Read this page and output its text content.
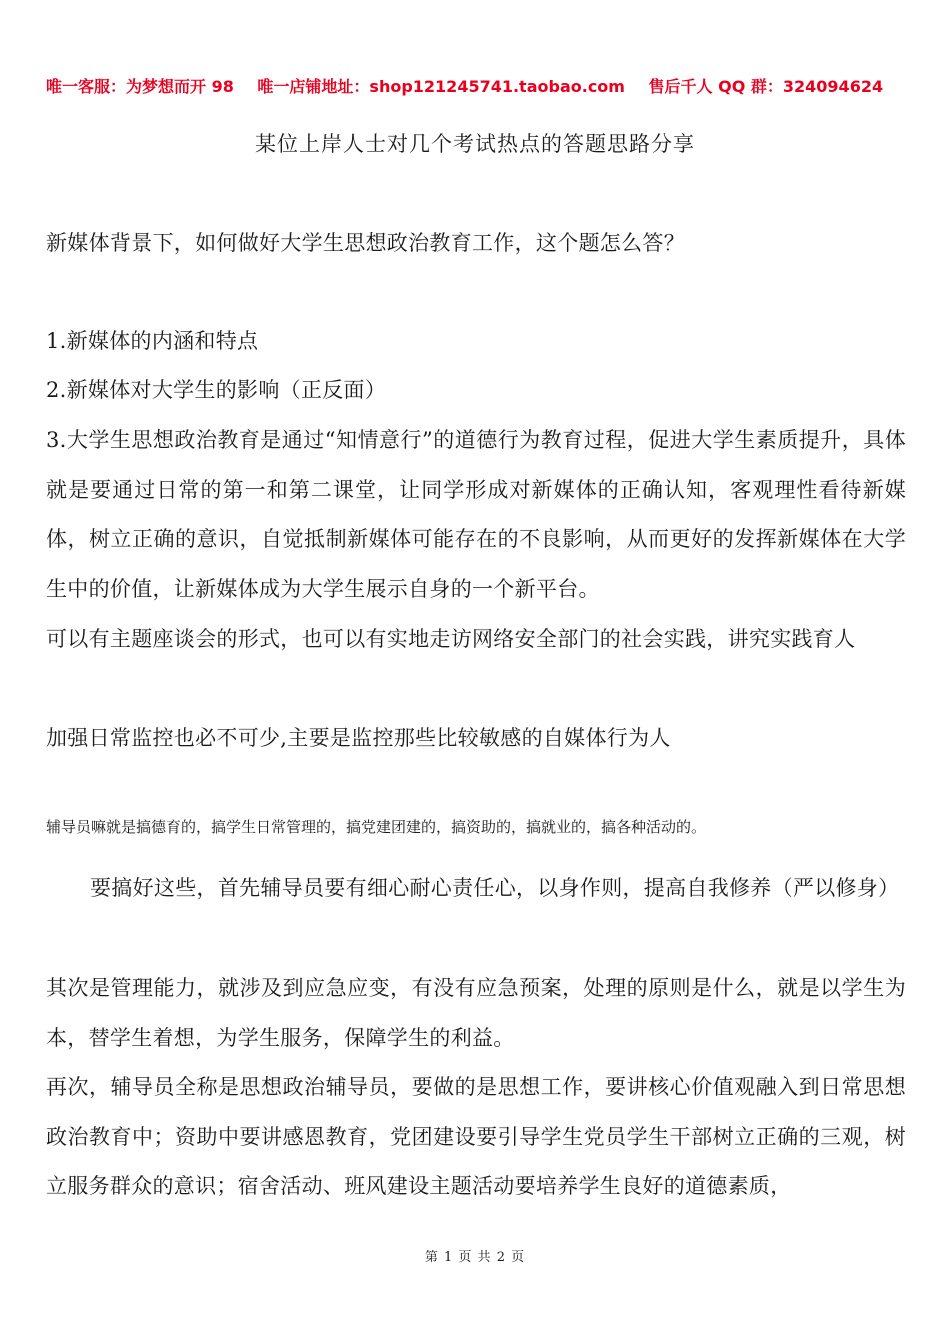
唯一客服：为梦想而开 98 唯一店铺地址：shop121245741.taobao.com 售后千人 QQ 群：324094624
某位上岸人士对几个考试热点的答题思路分享
新媒体背景下，如何做好大学生思想政治教育工作，这个题怎么答？
1.新媒体的内涵和特点
2.新媒体对大学生的影响（正反面）
3.大学生思想政治教育是通过“知情意行”的道德行为教育过程，促进大学生素质提升，具体就是要通过日常的第一和第二课堂，让同学形成对新媒体的正确认知，客观理性看待新媒体，树立正确的意识，自觉抵制新媒体可能存在的不良影响，从而更好的发挥新媒体在大学生中的价值，让新媒体成为大学生展示自身的一个新平台。
可以有主题座谈会的形式，也可以有实地走访网络安全部门的社会实践，讲究实践育人
加强日常监控也必不可少,主要是监控那些比较敏感的自媒体行为人
辅导员嘛就是搞德育的，搞学生日常管理的，搞党建团建的，搞资助的，搞就业的，搞各种活动的。
要搞好这些，首先辅导员要有细心耐心责任心，以身作则，提高自我修养（严以修身）
其次是管理能力，就涉及到应急应变，有没有应急预案，处理的原则是什么，就是以学生为本，替学生着想，为学生服务，保障学生的利益。
再次，辅导员全称是思想政治辅导员，要做的是思想工作，要讲核心价值观融入到日常思想政治教育中；资助中要讲感恩教育，党团建设要引导学生党员学生干部树立正确的三观，树立服务群众的意识；宿舍活动、班风建设主题活动要培养学生良好的道德素质，
第 1 页 共 2 页
